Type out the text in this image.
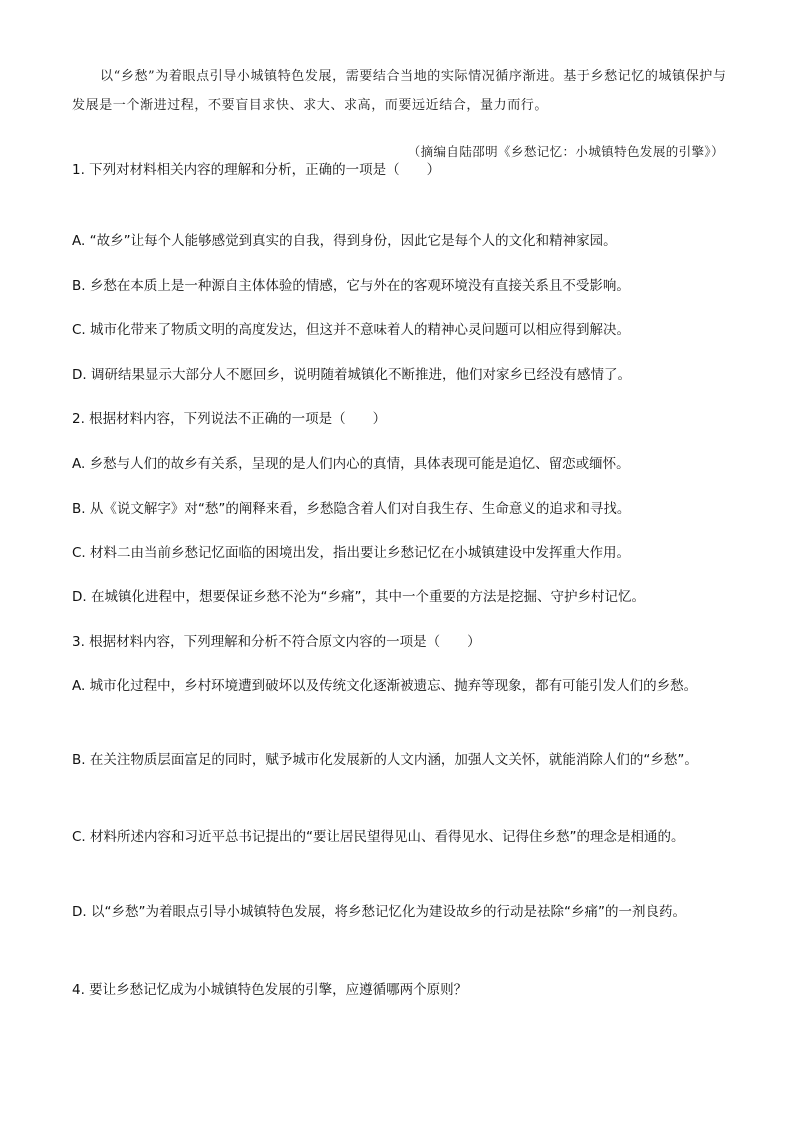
以“乡愁”为着眼点引导小城镇特色发展，需要结合当地的实际情况循序渐进。基于乡愁记忆的城镇保护与发展是一个渐进过程，不要盲目求快、求大、求高，而要远近结合，量力而行。
（摘编自陆邵明《乡愁记忆：小城镇特色发展的引擎》）
1. 下列对材料相关内容的理解和分析，正确的一项是（　　）
A. “故乡”让每个人能够感觉到真实的自我，得到身份，因此它是每个人的文化和精神家园。
B. 乡愁在本质上是一种源自主体体验的情感，它与外在的客观环境没有直接关系且不受影响。
C. 城市化带来了物质文明的高度发达，但这并不意味着人的精神心灵问题可以相应得到解决。
D. 调研结果显示大部分人不愿回乡，说明随着城镇化不断推进，他们对家乡已经没有感情了。
2. 根据材料内容，下列说法不正确的一项是（　　）
A. 乡愁与人们的故乡有关系，呈现的是人们内心的真情，具体表现可能是追忆、留恋或缅怀。
B. 从《说文解字》对“愁”的阐释来看，乡愁隐含着人们对自我生存、生命意义的追求和寻找。
C. 材料二由当前乡愁记忆面临的困境出发，指出要让乡愁记忆在小城镇建设中发挥重大作用。
D. 在城镇化进程中，想要保证乡愁不沦为“乡痛”，其中一个重要的方法是挖掘、守护乡村记忆。
3. 根据材料内容，下列理解和分析不符合原文内容的一项是（　　）
A. 城市化过程中，乡村环境遭到破坏以及传统文化逐渐被遗忘、抛弃等现象，都有可能引发人们的乡愁。
B. 在关注物质层面富足的同时，赋予城市化发展新的人文内涵，加强人文关怀，就能消除人们的“乡愁”。
C. 材料所述内容和习近平总书记提出的“要让居民望得见山、看得见水、记得住乡愁”的理念是相通的。
D. 以“乡愁”为着眼点引导小城镇特色发展，将乡愁记忆化为建设故乡的行动是祛除“乡痛”的一剂良药。
4. 要让乡愁记忆成为小城镇特色发展的引擎，应遵循哪两个原则？
